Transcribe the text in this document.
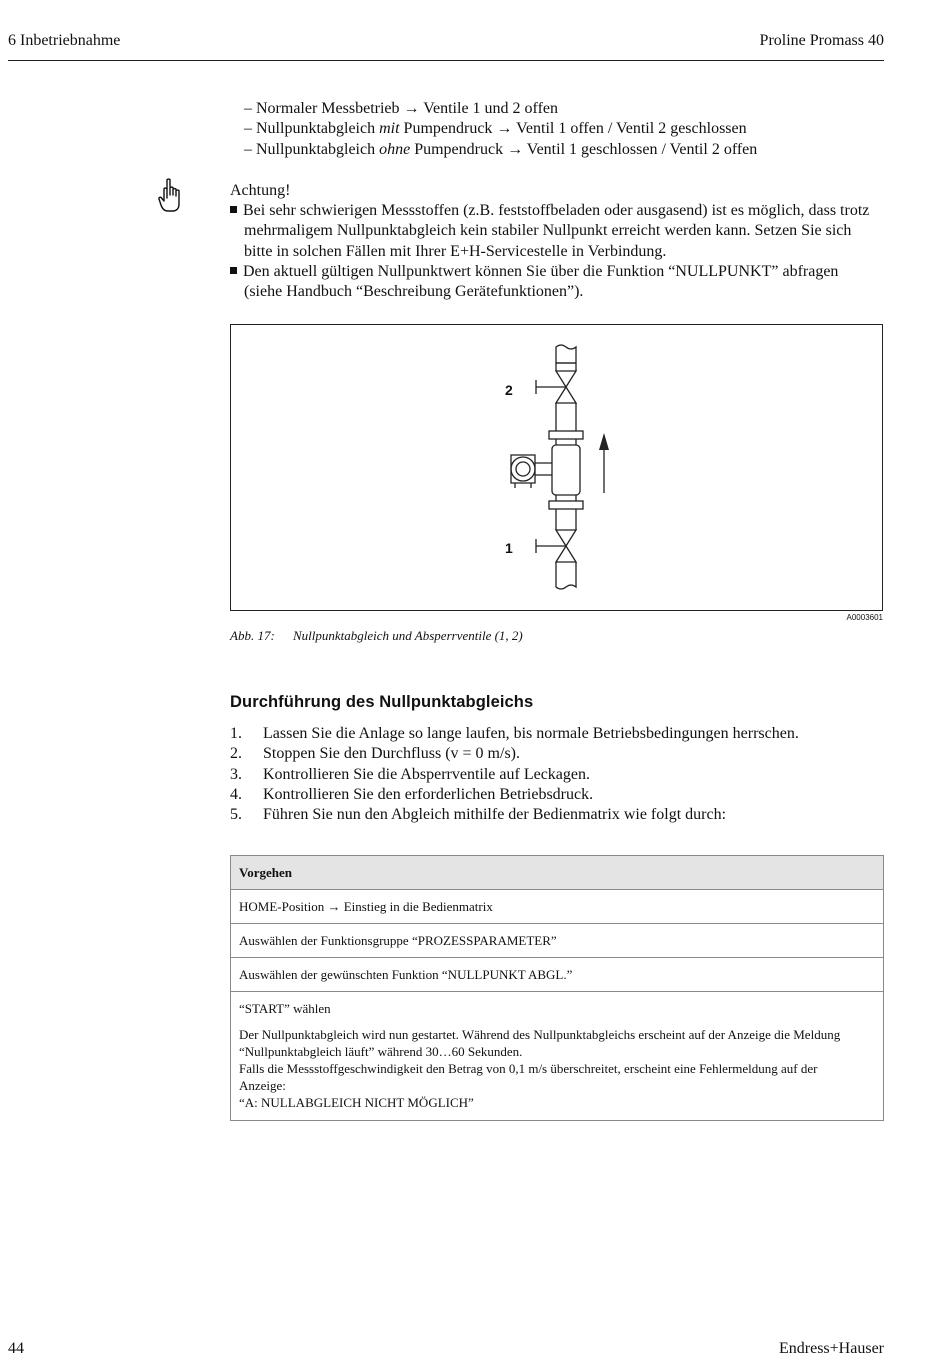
6 Inbetriebnahme	Proline Promass 40
– Normaler Messbetrieb → Ventile 1 und 2 offen
– Nullpunktabgleich mit Pumpendruck → Ventil 1 offen / Ventil 2 geschlossen
– Nullpunktabgleich ohne Pumpendruck → Ventil 1 geschlossen / Ventil 2 offen
Achtung!
Bei sehr schwierigen Messstoffen (z.B. feststoffbeladen oder ausgasend) ist es möglich, dass trotz
mehrmaligem Nullpunktabgleich kein stabiler Nullpunkt erreicht werden kann. Setzen Sie sich
bitte in solchen Fällen mit Ihrer E+H-Servicestelle in Verbindung.
Den aktuell gültigen Nullpunktwert können Sie über die Funktion “NULLPUNKT” abfragen
(siehe Handbuch “Beschreibung Gerätefunktionen”).
2
1
A0003601
Abb. 17: Nullpunktabgleich und Absperrventile (1, 2)
Durchführung des Nullpunktabgleichs
1. Lassen Sie die Anlage so lange laufen, bis normale Betriebsbedingungen herrschen.
2. Stoppen Sie den Durchfluss (v = 0 m/s).
3. Kontrollieren Sie die Absperrventile auf Leckagen.
4. Kontrollieren Sie den erforderlichen Betriebsdruck.
5. Führen Sie nun den Abgleich mithilfe der Bedienmatrix wie folgt durch:
Vorgehen
HOME-Position → Einstieg in die Bedienmatrix
Auswählen der Funktionsgruppe “PROZESSPARAMETER”
Auswählen der gewünschten Funktion “NULLPUNKT ABGL.”

“START” wählen
Der Nullpunktabgleich wird nun gestartet. Während des Nullpunktabgleichs erscheint auf der Anzeige die Meldung
“Nullpunktabgleich läuft” während 30…60 Sekunden.
Falls die Messstoffgeschwindigkeit den Betrag von 0,1 m/s überschreitet, erscheint eine Fehlermeldung auf der
Anzeige:
“A: NULLABGLEICH NICHT MÖGLICH”
44	Endress+Hauser
